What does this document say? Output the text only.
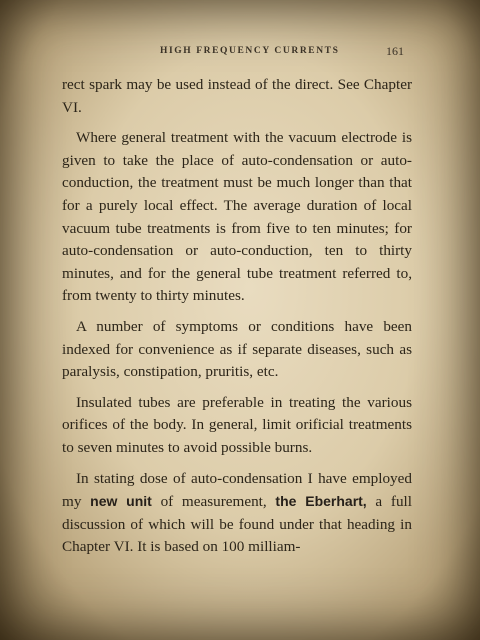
HIGH FREQUENCY CURRENTS	161

rect spark may be used instead of the direct. See Chapter VI.

Where general treatment with the vacuum electrode is given to take the place of auto-condensation or auto-conduction, the treatment must be much longer than that for a purely local effect. The average duration of local vacuum tube treatments is from five to ten minutes; for auto-condensation or auto-conduction, ten to thirty minutes, and for the general tube treatment referred to, from twenty to thirty minutes.

A number of symptoms or conditions have been indexed for convenience as if separate diseases, such as paralysis, constipation, pruritis, etc.

Insulated tubes are preferable in treating the various orifices of the body. In general, limit orificial treatments to seven minutes to avoid possible burns.

In stating dose of auto-condensation I have employed my new unit of measurement, the Eberhart, a full discussion of which will be found under that heading in Chapter VI. It is based on 100 milliam-
